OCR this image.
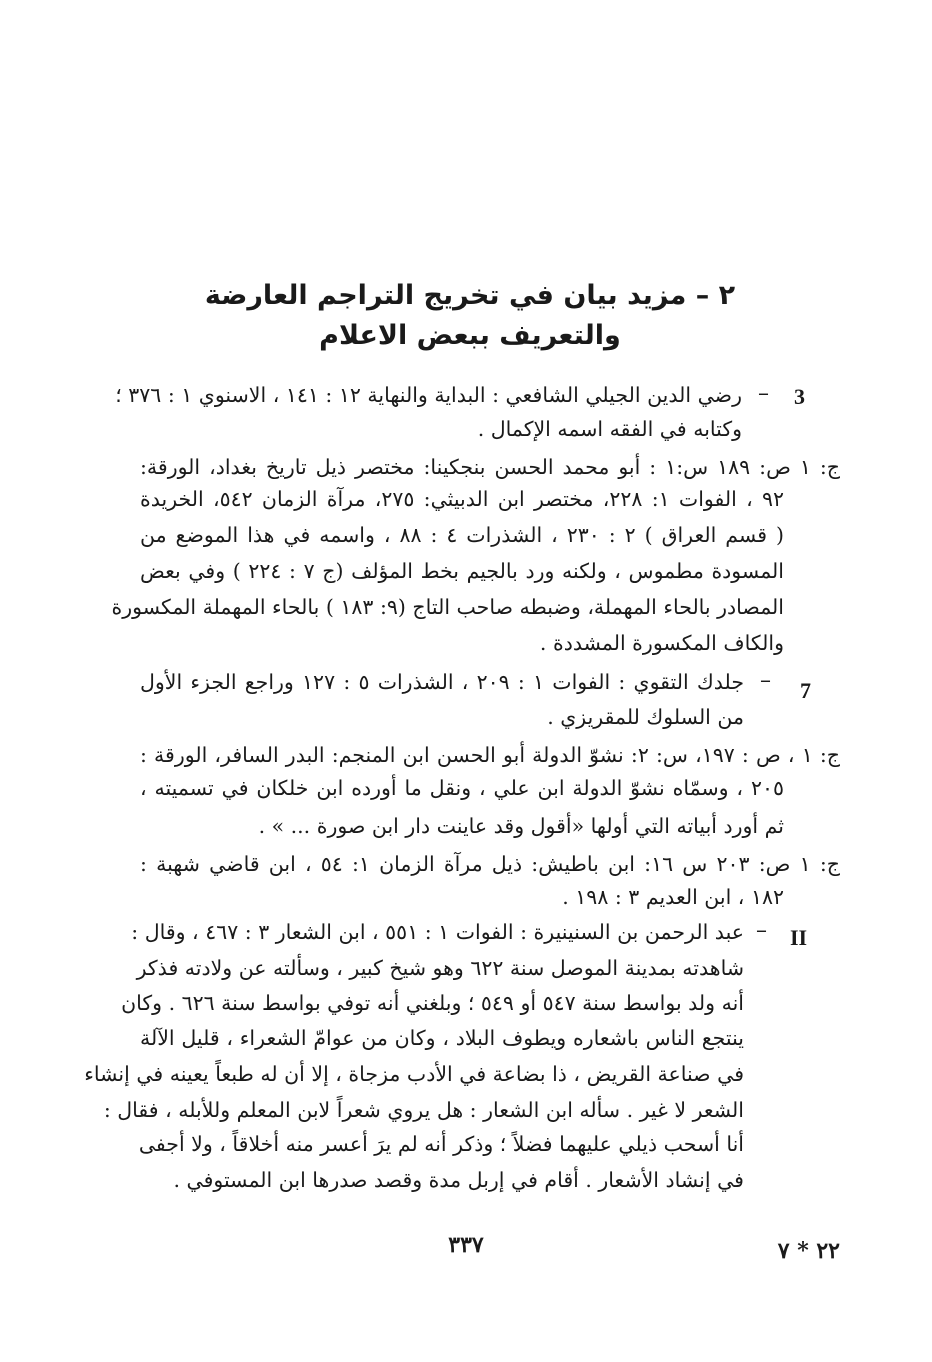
٢ – مزيد بيان في تخريج التراجم العارضة والتعريف ببعض الاعلام
3
–
رضي الدين الجيلي الشافعي : البداية والنهاية ١٢ : ١٤١ ، الاسنوي ١ : ٣٧٦ ؛
وكتابه في الفقه اسمه الإكمال .
ج: ١ ص: ١٨٩ س:١ : أبو محمد الحسن بنجكينا: مختصر ذيل تاريخ بغداد، الورقة:
٩٢ ، الفوات ١: ٢٢٨، مختصر ابن الدبيثي: ٢٧٥، مرآة الزمان ٥٤٢، الخريدة
( قسم العراق ) ٢ : ٢٣٠ ، الشذرات ٤ : ٨٨ ، واسمه في هذا الموضع من
المسودة مطموس ، ولكنه ورد بالجيم بخط المؤلف (ج ٧ : ٢٢٤ ) وفي بعض
المصادر بالحاء المهملة، وضبطه صاحب التاج (٩: ١٨٣ ) بالحاء المهملة المكسورة
والكاف المكسورة المشددة .
7
–
جلدك التقوي : الفوات ١ : ٢٠٩ ، الشذرات ٥ : ١٢٧ وراجع الجزء الأول
من السلوك للمقريزي .
ج: ١ ، ص : ١٩٧، س: ٢: نشوّ الدولة أبو الحسن ابن المنجم: البدر السافر، الورقة :
٢٠٥ ، وسمّاه نشوّ الدولة ابن علي ، ونقل ما أورده ابن خلكان في تسميته ،
ثم أورد أبياته التي أولها «أقول وقد عاينت دار ابن صورة ... » .
ج: ١ ص: ٢٠٣ س ١٦: ابن باطيش: ذيل مرآة الزمان ١: ٥٤ ، ابن قاضي شهبة :
١٨٢ ، ابن العديم ٣ : ١٩٨ .
II
–
عبد الرحمن بن السنينيرة : الفوات ١ : ٥٥١ ، ابن الشعار ٣ : ٤٦٧ ، وقال :
شاهدته بمدينة الموصل سنة ٦٢٢ وهو شيخ كبير ، وسألته عن ولادته فذكر
أنه ولد بواسط سنة ٥٤٧ أو ٥٤٩ ؛ وبلغني أنه توفي بواسط سنة ٦٢٦ . وكان
ينتجع الناس باشعاره ويطوف البلاد ، وكان من عوامّ الشعراء ، قليل الآلة
في صناعة القريض ، ذا بضاعة في الأدب مزجاة ، إلا أن له طبعاً يعينه في إنشاء
الشعر لا غير . سأله ابن الشعار : هل يروي شعراً لابن المعلم وللأبله ، فقال :
أنا أسحب ذيلي عليهما فضلاً ؛ وذكر أنه لم يرَ أعسر منه أخلاقاً ، ولا أجفى
في إنشاد الأشعار . أقام في إربل مدة وقصد صدرها ابن المستوفي .
٣٣٧	٢٢ * ٧
